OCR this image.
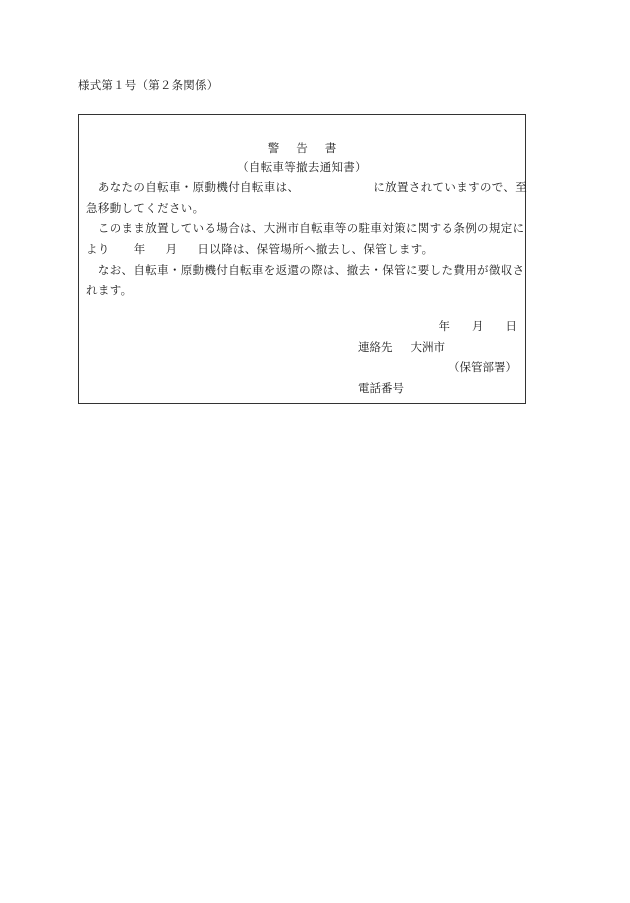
様式第１号（第２条関係）
警告書
（自転車等撤去通知書）
　あなたの自転車・原動機付自転車は、	に放置されていますので、至
急移動してください。
　このまま放置している場合は、大洲市自転車等の駐車対策に関する条例の規定に
より 年 月 日以降は、保管場所へ撤去し、保管します。
　なお、自転車・原動機付自転車を返還の際は、撤去・保管に要した費用が徴収さ
れます。
年 月 日
連絡先 大洲市
（保管部署）
電話番号
